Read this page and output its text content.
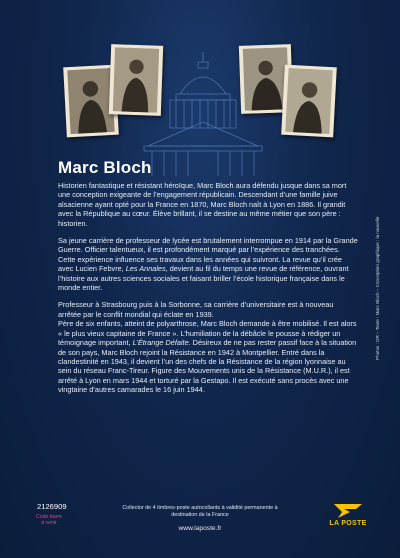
Marc Bloch

Historien fantastique et résistant héroïque, Marc Bloch aura défendu jusque dans sa mort une conception exigeante de l’engagement républicain. Descendant d’une famille juive alsacienne ayant opté pour la France en 1870, Marc Bloch naît à Lyon en 1886. Il grandit avec la République au cœur. Élève brillant, il se destine au même métier que son père : historien.

Sa jeune carrière de professeur de lycée est brutalement interrompue en 1914 par la Grande Guerre. Officier talentueux, il est profondément marqué par l’expérience des tranchées. Cette expérience influence ses travaux dans les années qui suivront. La revue qu’il crée avec Lucien Febvre, Les Annales, devient au fil du temps une revue de référence, ouvrant l’histoire aux autres sciences sociales et faisant briller l’école historique française dans le monde entier.

Professeur à Strasbourg puis à la Sorbonne, sa carrière d’universitaire est à nouveau arrêtée par le conflit mondial qui éclate en 1939.

Père de six enfants, atteint de polyarthrose, Marc Bloch demande à être mobilisé. Il est alors « le plus vieux capitaine de France ». L’humiliation de la débâcle le pousse à rédiger un témoignage important, L’Étrange Défaite. Désireux de ne pas rester passif face à la situation de son pays, Marc Bloch rejoint la Résistance en 1942 à Montpellier. Entré dans la clandestinité en 1943, il devient l’un des chefs de la Résistance de la région lyonnaise au sein du réseau Franc-Tireur. Figure des Mouvements unis de la Résistance (M.U.R.), il est arrêté à Lyon en mars 1944 et torturé par la Gestapo. Il est exécuté sans procès avec une vingtaine d’autres camarades le 16 juin 1944.

Photos : DR – Texte : Marc Bloch – Conception graphique : la nouvelle

2126909

Code barre à venir
Collector de 4 timbres-poste autocollants à validité permanente à destination de la France
www.laposte.fr
LA POSTE
